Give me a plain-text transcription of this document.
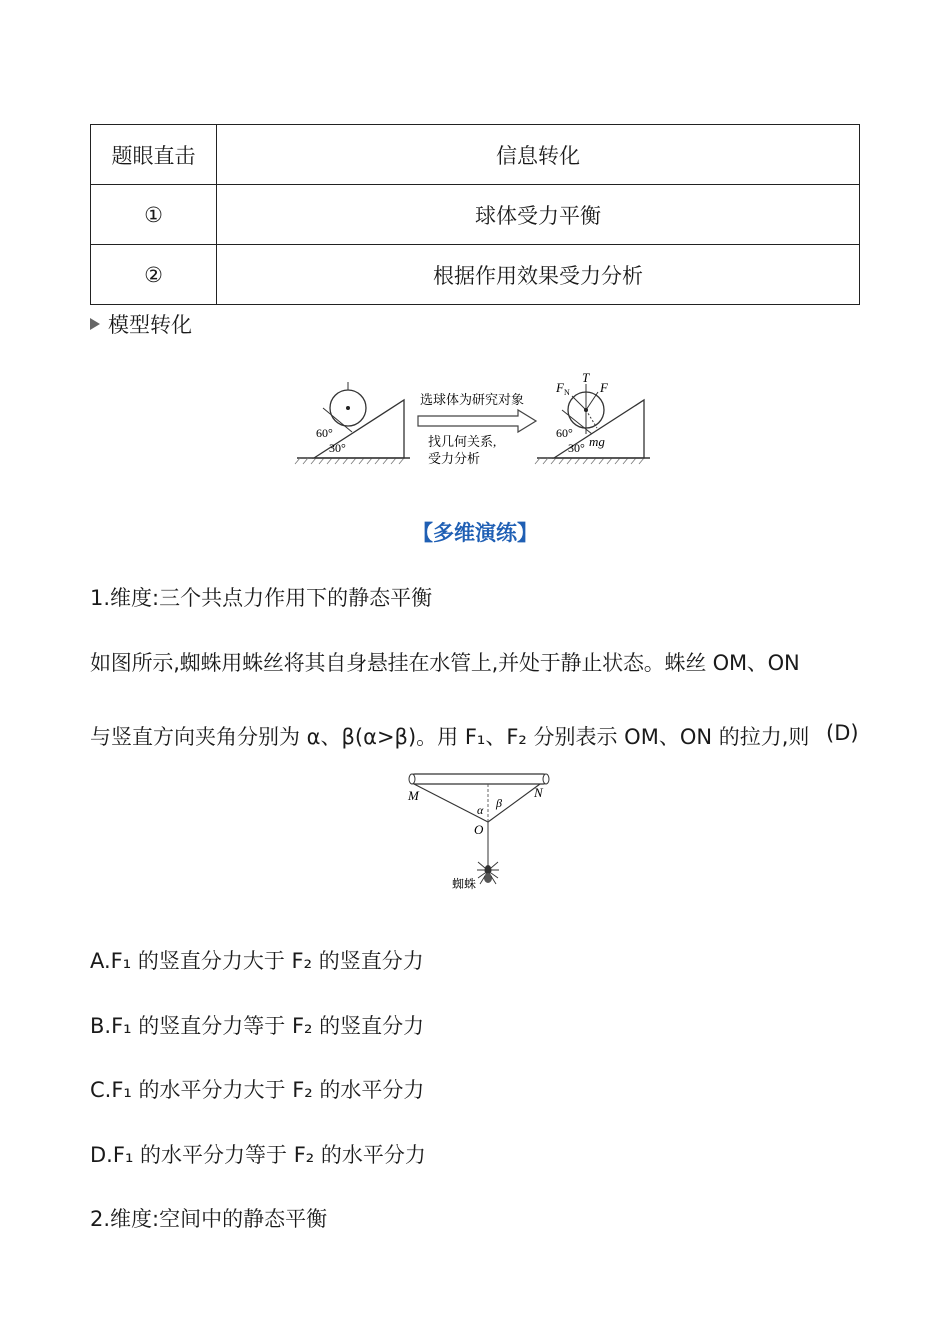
题眼直击	信息转化
①	球体受力平衡
②	根据作用效果受力分析
模型转化
60°
30°
选球体为研究对象
找几何关系,
受力分析
$F_N$
T
F
mg
60°
30°
【多维演练】
1.维度:三个共点力作用下的静态平衡
如图所示,蜘蛛用蛛丝将其自身悬挂在水管上,并处于静止状态。蛛丝 OM、ON
与竖直方向夹角分别为 α、β(α>β)。用 F₁、F₂ 分别表示 OM、ON 的拉力,则 (D)
M	N
O
α β
蜘蛛
A.F₁ 的竖直分力大于 F₂ 的竖直分力
B.F₁ 的竖直分力等于 F₂ 的竖直分力
C.F₁ 的水平分力大于 F₂ 的水平分力
D.F₁ 的水平分力等于 F₂ 的水平分力
2.维度:空间中的静态平衡
